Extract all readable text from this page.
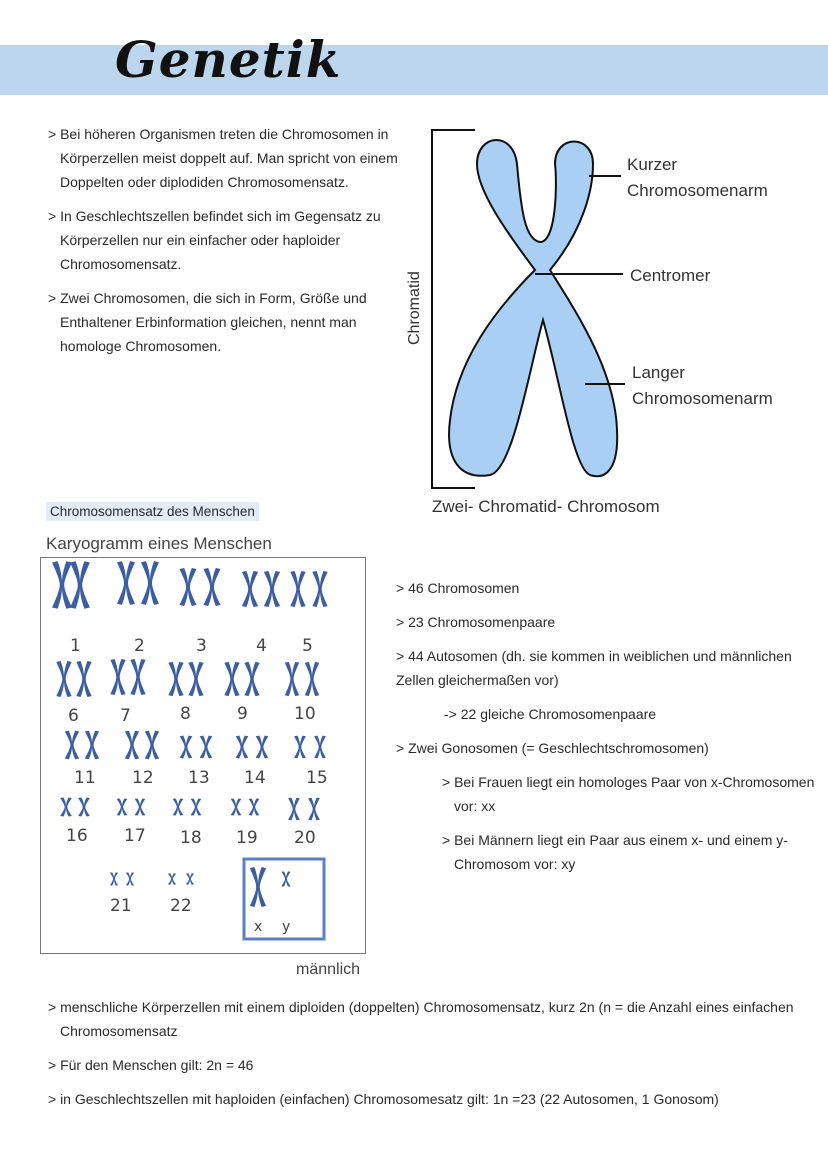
Genetik

> Bei höheren Organismen treten die Chromosomen in Körperzellen meist doppelt auf. Man spricht von einem Doppelten oder diplodiden Chromosomensatz.

> In Geschlechtszellen befindet sich im Gegensatz zu Körperzellen nur ein einfacher oder haploider Chromosomensatz.

> Zwei Chromosomen, die sich in Form, Größe und Enthaltener Erbinformation gleichen, nennt man homologe Chromosomen.

Chromatid
Kurzer
Chromosomenarm
Centromer
Langer
Chromosomenarm
Zwei- Chromatid- Chromosom
Chromosomensatz des Menschen
Karyogramm eines Menschen
1	2	3	4 5
6 7	8	9	10
11 12 13 14 15
16 17 18 19 20
21 22
x y
männlich

> 46 Chromosomen

> 23 Chromosomenpaare

> 44 Autosomen (dh. sie kommen in weiblichen und männlichen Zellen gleichermaßen vor)

-> 22 gleiche Chromosomenpaare

> Zwei Gonosomen (= Geschlechtschromosomen)

> Bei Frauen liegt ein homologes Paar von x-Chromosomen vor: xx

> Bei Männern liegt ein Paar aus einem x- und einem y- Chromosom vor: xy

> menschliche Körperzellen mit einem diploiden (doppelten) Chromosomensatz, kurz 2n (n = die Anzahl eines einfachen Chromosomensatz

> Für den Menschen gilt: 2n = 46

> in Geschlechtszellen mit haploiden (einfachen) Chromosomesatz gilt: 1n =23 (22 Autosomen, 1 Gonosom)
